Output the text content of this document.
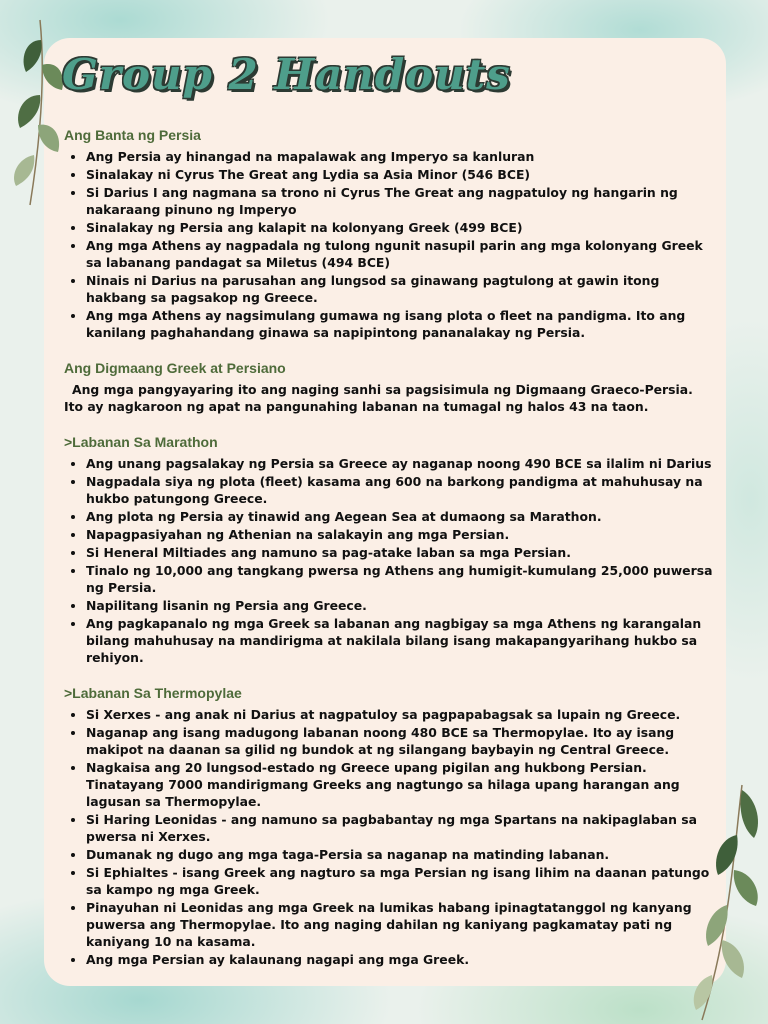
Group 2 Handouts
Ang Banta ng Persia
• Ang Persia ay hinangad na mapalawak ang Imperyo sa kanluran
• Sinalakay ni Cyrus The Great ang Lydia sa Asia Minor (546 BCE)
• Si Darius I ang nagmana sa trono ni Cyrus The Great ang nagpatuloy ng hangarin ng nakaraang pinuno ng Imperyo
• Sinalakay ng Persia ang kalapit na kolonyang Greek (499 BCE)
• Ang mga Athens ay nagpadala ng tulong ngunit nasupil parin ang mga kolonyang Greek sa labanang pandagat sa Miletus (494 BCE)
• Ninais ni Darius na parusahan ang lungsod sa ginawang pagtulong at gawin itong hakbang sa pagsakop ng Greece.
• Ang mga Athens ay nagsimulang gumawa ng isang plota o fleet na pandigma. Ito ang kanilang paghahandang ginawa sa napipintong pananalakay ng Persia.
Ang Digmaang Greek at Persiano

Ang mga pangyayaring ito ang naging sanhi sa pagsisimula ng Digmaang Graeco-Persia. Ito ay nagkaroon ng apat na pangunahing labanan na tumagal ng halos 43 na taon.

>Labanan Sa Marathon
• Ang unang pagsalakay ng Persia sa Greece ay naganap noong 490 BCE sa ilalim ni Darius
• Nagpadala siya ng plota (fleet) kasama ang 600 na barkong pandigma at mahuhusay na hukbo patungong Greece.
• Ang plota ng Persia ay tinawid ang Aegean Sea at dumaong sa Marathon.
• Napagpasiyahan ng Athenian na salakayin ang mga Persian.
• Si Heneral Miltiades ang namuno sa pag-atake laban sa mga Persian.
• Tinalo ng 10,000 ang tangkang pwersa ng Athens ang humigit-kumulang 25,000 puwersa ng Persia.
• Napilitang lisanin ng Persia ang Greece.
• Ang pagkapanalo ng mga Greek sa labanan ang nagbigay sa mga Athens ng karangalan bilang mahuhusay na mandirigma at nakilala bilang isang makapangyarihang hukbo sa rehiyon.
>Labanan Sa Thermopylae
• Si Xerxes - ang anak ni Darius at nagpatuloy sa pagpapabagsak sa lupain ng Greece.
• Naganap ang isang madugong labanan noong 480 BCE sa Thermopylae. Ito ay isang makipot na daanan sa gilid ng bundok at ng silangang baybayin ng Central Greece.
• Nagkaisa ang 20 lungsod-estado ng Greece upang pigilan ang hukbong Persian. Tinatayang 7000 mandirigmang Greeks ang nagtungo sa hilaga upang harangan ang lagusan sa Thermopylae.
• Si Haring Leonidas - ang namuno sa pagbabantay ng mga Spartans na nakipaglaban sa pwersa ni Xerxes.
• Dumanak ng dugo ang mga taga-Persia sa naganap na matinding labanan.
• Si Ephialtes - isang Greek ang nagturo sa mga Persian ng isang lihim na daanan patungo sa kampo ng mga Greek.
• Pinayuhan ni Leonidas ang mga Greek na lumikas habang ipinagtatanggol ng kanyang puwersa ang Thermopylae. Ito ang naging dahilan ng kaniyang pagkamatay pati ng kaniyang 10 na kasama.
• Ang mga Persian ay kalaunang nagapi ang mga Greek.
